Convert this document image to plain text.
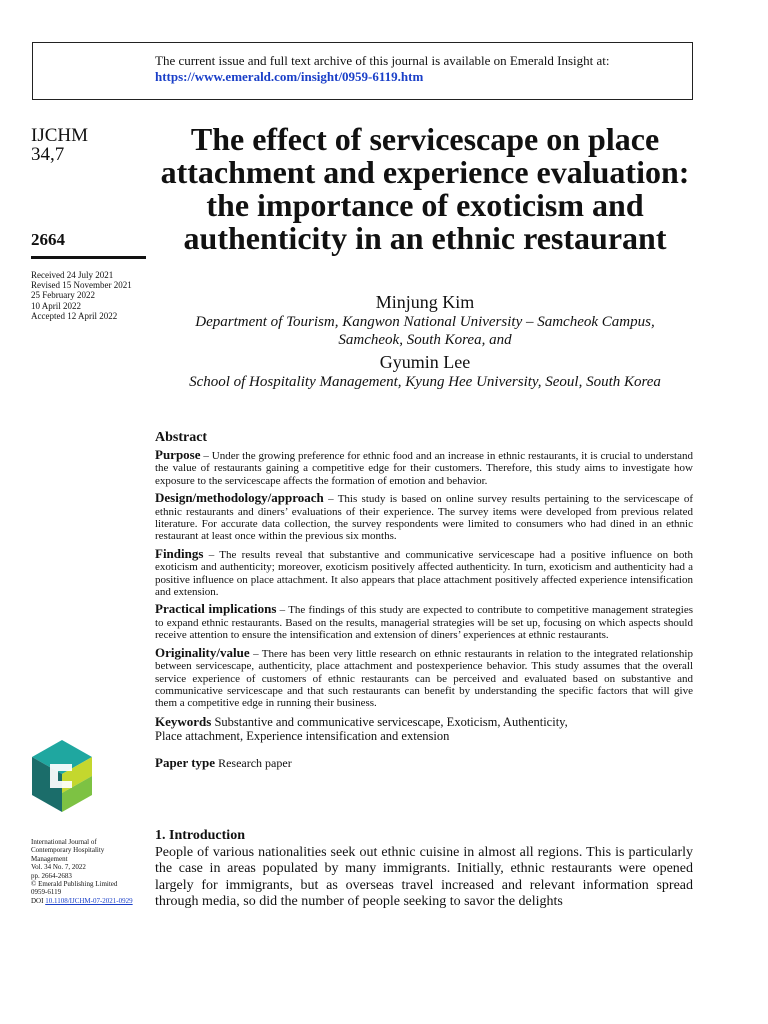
The current issue and full text archive of this journal is available on Emerald Insight at:
https://www.emerald.com/insight/0959-6119.htm
IJCHM
34,7
2664
Received 24 July 2021
Revised 15 November 2021
25 February 2022
10 April 2022
Accepted 12 April 2022
The effect of servicescape on place attachment and experience evaluation: the importance of exoticism and authenticity in an ethnic restaurant
Minjung Kim
Department of Tourism, Kangwon National University – Samcheok Campus,
Samcheok, South Korea, and
Gyumin Lee
School of Hospitality Management, Kyung Hee University, Seoul, South Korea
Abstract

Purpose – Under the growing preference for ethnic food and an increase in ethnic restaurants, it is crucial to understand the value of restaurants gaining a competitive edge for their customers. Therefore, this study aims to investigate how exposure to the servicescape affects the formation of emotion and behavior.

Design/methodology/approach – This study is based on online survey results pertaining to the servicescape of ethnic restaurants and diners’ evaluations of their experience. The survey items were developed from previous related literature. For accurate data collection, the survey respondents were limited to consumers who had dined in an ethnic restaurant at least once within the previous six months.

Findings – The results reveal that substantive and communicative servicescape had a positive influence on both exoticism and authenticity; moreover, exoticism positively affected authenticity. In turn, exoticism and authenticity had a positive influence on place attachment. It also appears that place attachment positively affected experience intensification and extension.

Practical implications – The findings of this study are expected to contribute to competitive management strategies to expand ethnic restaurants. Based on the results, managerial strategies will be set up, focusing on which aspects should receive attention to ensure the intensification and extension of diners’ experiences at ethnic restaurants.

Originality/value – There has been very little research on ethnic restaurants in relation to the integrated relationship between servicescape, authenticity, place attachment and postexperience behavior. This study assumes that the overall service experience of customers of ethnic restaurants can be perceived and evaluated based on substantive and communicative servicescape and that such restaurants can benefit by understanding the specific factors that will give them a competitive edge in running their business.

Keywords Substantive and communicative servicescape, Exoticism, Authenticity,
Place attachment, Experience intensification and extension
Paper type Research paper
International Journal of
Contemporary Hospitality
Management
Vol. 34 No. 7, 2022
pp. 2664-2683
© Emerald Publishing Limited
0959-6119
DOI 10.1108/IJCHM-07-2021-0929
1. Introduction

People of various nationalities seek out ethnic cuisine in almost all regions. This is particularly the case in areas populated by many immigrants. Initially, ethnic restaurants were opened largely for immigrants, but as overseas travel increased and relevant information spread through media, so did the number of people seeking to savor the delights
